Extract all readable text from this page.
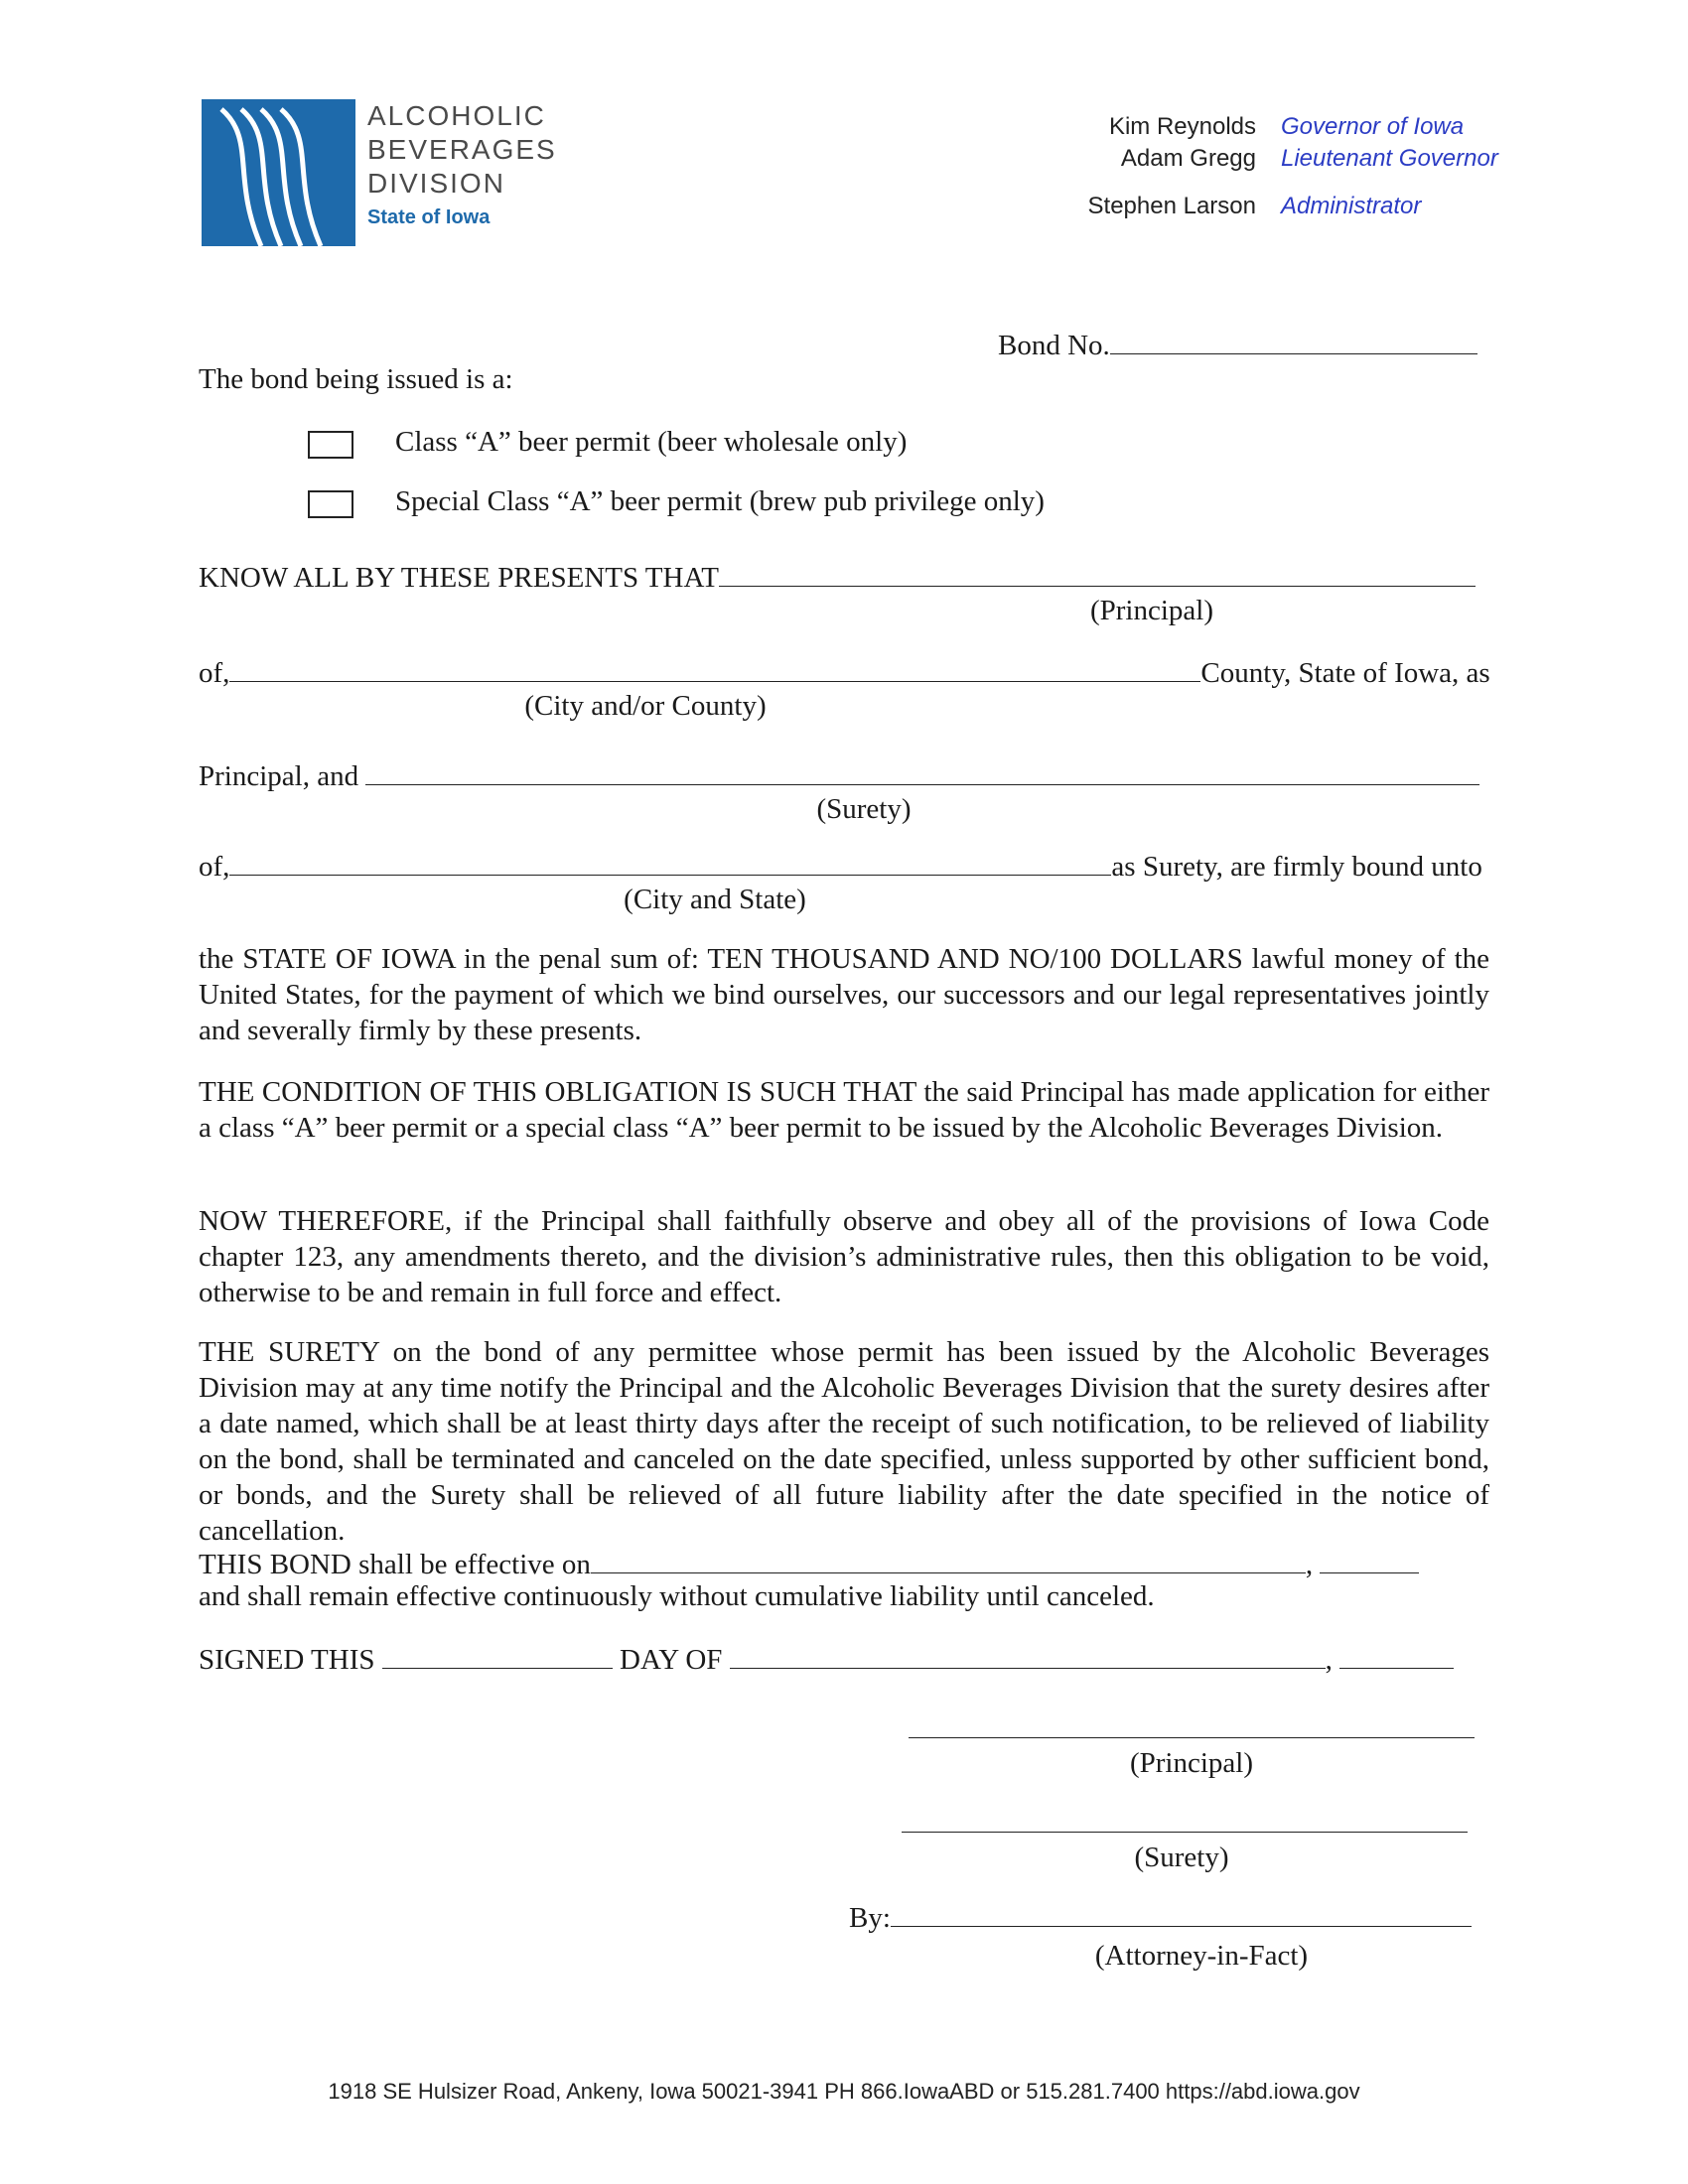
ALCOHOLIC
BEVERAGES
DIVISION
State of Iowa
Kim Reynolds Governor of Iowa
Adam Gregg Lieutenant Governor
Stephen Larson Administrator
Bond No.
The bond being issued is a:
Class “A” beer permit (beer wholesale only)
Special Class “A” beer permit (brew pub privilege only)
KNOW ALL BY THESE PRESENTS THAT
(Principal)
of,	County, State of Iowa, as
(City and/or County)
Principal, and
(Surety)
of,	as Surety, are firmly bound unto
(City and State)
the STATE OF IOWA in the penal sum of: TEN THOUSAND AND NO/100 DOLLARS lawful money of the United States, for the payment of which we bind ourselves, our successors and our legal representatives jointly and severally firmly by these presents.
THE CONDITION OF THIS OBLIGATION IS SUCH THAT the said Principal has made application for either a class “A” beer permit or a special class “A” beer permit to be issued by the Alcoholic Beverages Division.
NOW THEREFORE, if the Principal shall faithfully observe and obey all of the provisions of Iowa Code chapter 123, any amendments thereto, and the division’s administrative rules, then this obligation to be void, otherwise to be and remain in full force and effect.
THE SURETY on the bond of any permittee whose permit has been issued by the Alcoholic Beverages Division may at any time notify the Principal and the Alcoholic Beverages Division that the surety desires after a date named, which shall be at least thirty days after the receipt of such notification, to be relieved of liability on the bond, shall be terminated and canceled on the date specified, unless supported by other sufficient bond, or bonds, and the Surety shall be relieved of all future liability after the date specified in the notice of cancellation.
THIS BOND shall be effective on	,
and shall remain effective continuously without cumulative liability until canceled.
SIGNED THIS	DAY OF	,
(Principal)
(Surety)
By:
(Attorney-in-Fact)
1918 SE Hulsizer Road, Ankeny, Iowa 50021-3941 PH 866.IowaABD or 515.281.7400 https://abd.iowa.gov
